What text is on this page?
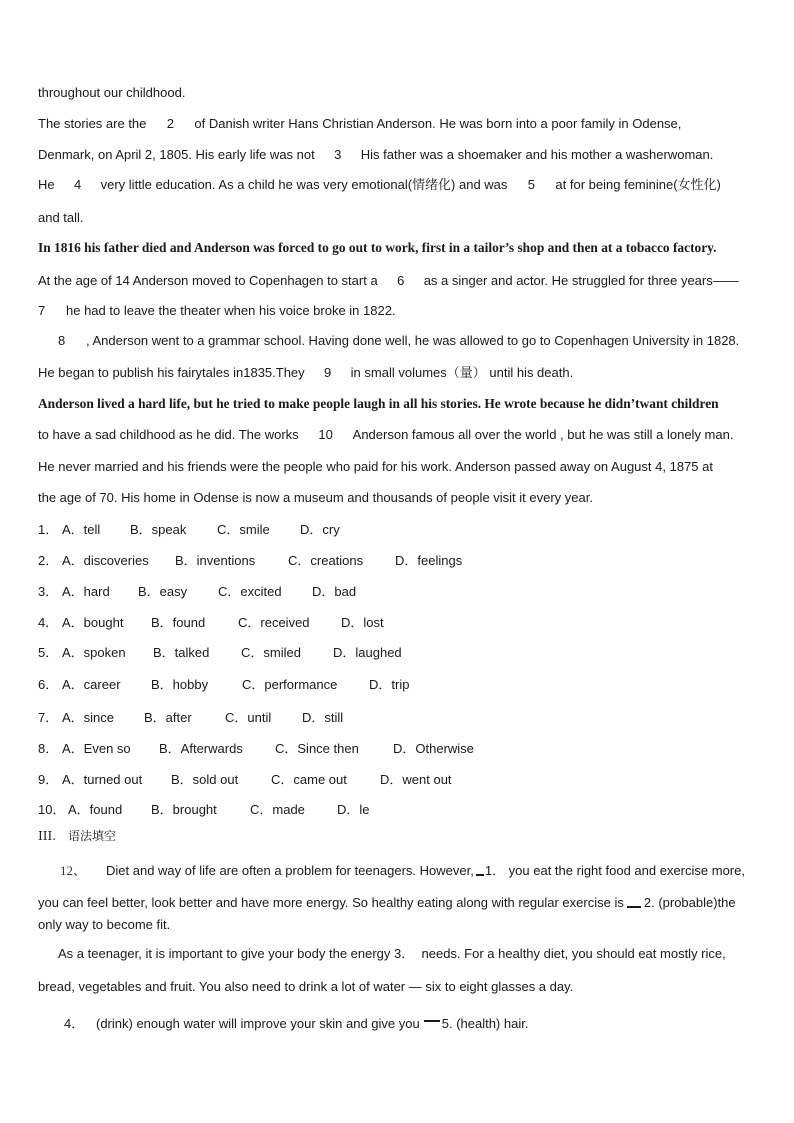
throughout our childhood.
The stories are the 2 of Danish writer Hans Christian Anderson. He was born into a poor family in Odense,
Denmark, on April 2, 1805. His early life was not 3 His father was a shoemaker and his mother a washerwoman.
He 4 very little education. As a child he was very emotional(情绪化) and was 5 at for being feminine(女性化)
and tall.
In 1816 his father died and Anderson was forced to go out to work, first in a tailor’s shop and then at a tobacco factory.
At the age of 14 Anderson moved to Copenhagen to start a 6 as a singer and actor. He struggled for three years——
7 he had to leave the theater when his voice broke in 1822.
8 , Anderson went to a grammar school. Having done well, he was allowed to go to Copenhagen University in 1828.
He began to publish his fairytales in1835.They 9 in small volumes（量） until his death.
Anderson lived a hard life, but he tried to make people laugh in all his stories. He wrote because he didn’twant children
to have a sad childhood as he did. The works 10 Anderson famous all over the world , but he was still a lonely man.
He never married and his friends were the people who paid for his work. Anderson passed away on August 4, 1875 at
the age of 70. His home in Odense is now a museum and thousands of people visit it every year.
1． A．tell B．speak C．smile D．cry
2． A．discoveries B．inventions	C．creations D．feelings
3． A．hard B．easy C．excited D．bad
4． A．bought B．found	C．received D．lost
5． A．spoken B．talked C．smiled D．laughed
6． A．career B．hobby	C．performance D．trip
7． A．since B．after	C．until D．still
8． A．Even so B．Afterwards C．Since then	D．Otherwise
9． A．turned out B．sold out	C．came out	D．went out
10． A．found B．brought	C．made D．le
III. 语法填空
12、 Diet and way of life are often a problem for teenagers. However, 1． you eat the right food and exercise more,
you can feel better, look better and have more energy. So healthy eating along with regular exercise is 2. (probable)the
only way to become fit.
As a teenager, it is important to give your body the energy 3． needs. For a healthy diet, you should eat mostly rice,
bread, vegetables and fruit. You also need to drink a lot of water — six to eight glasses a day.
4． (drink) enough water will improve your skin and give you 5. (health) hair.
